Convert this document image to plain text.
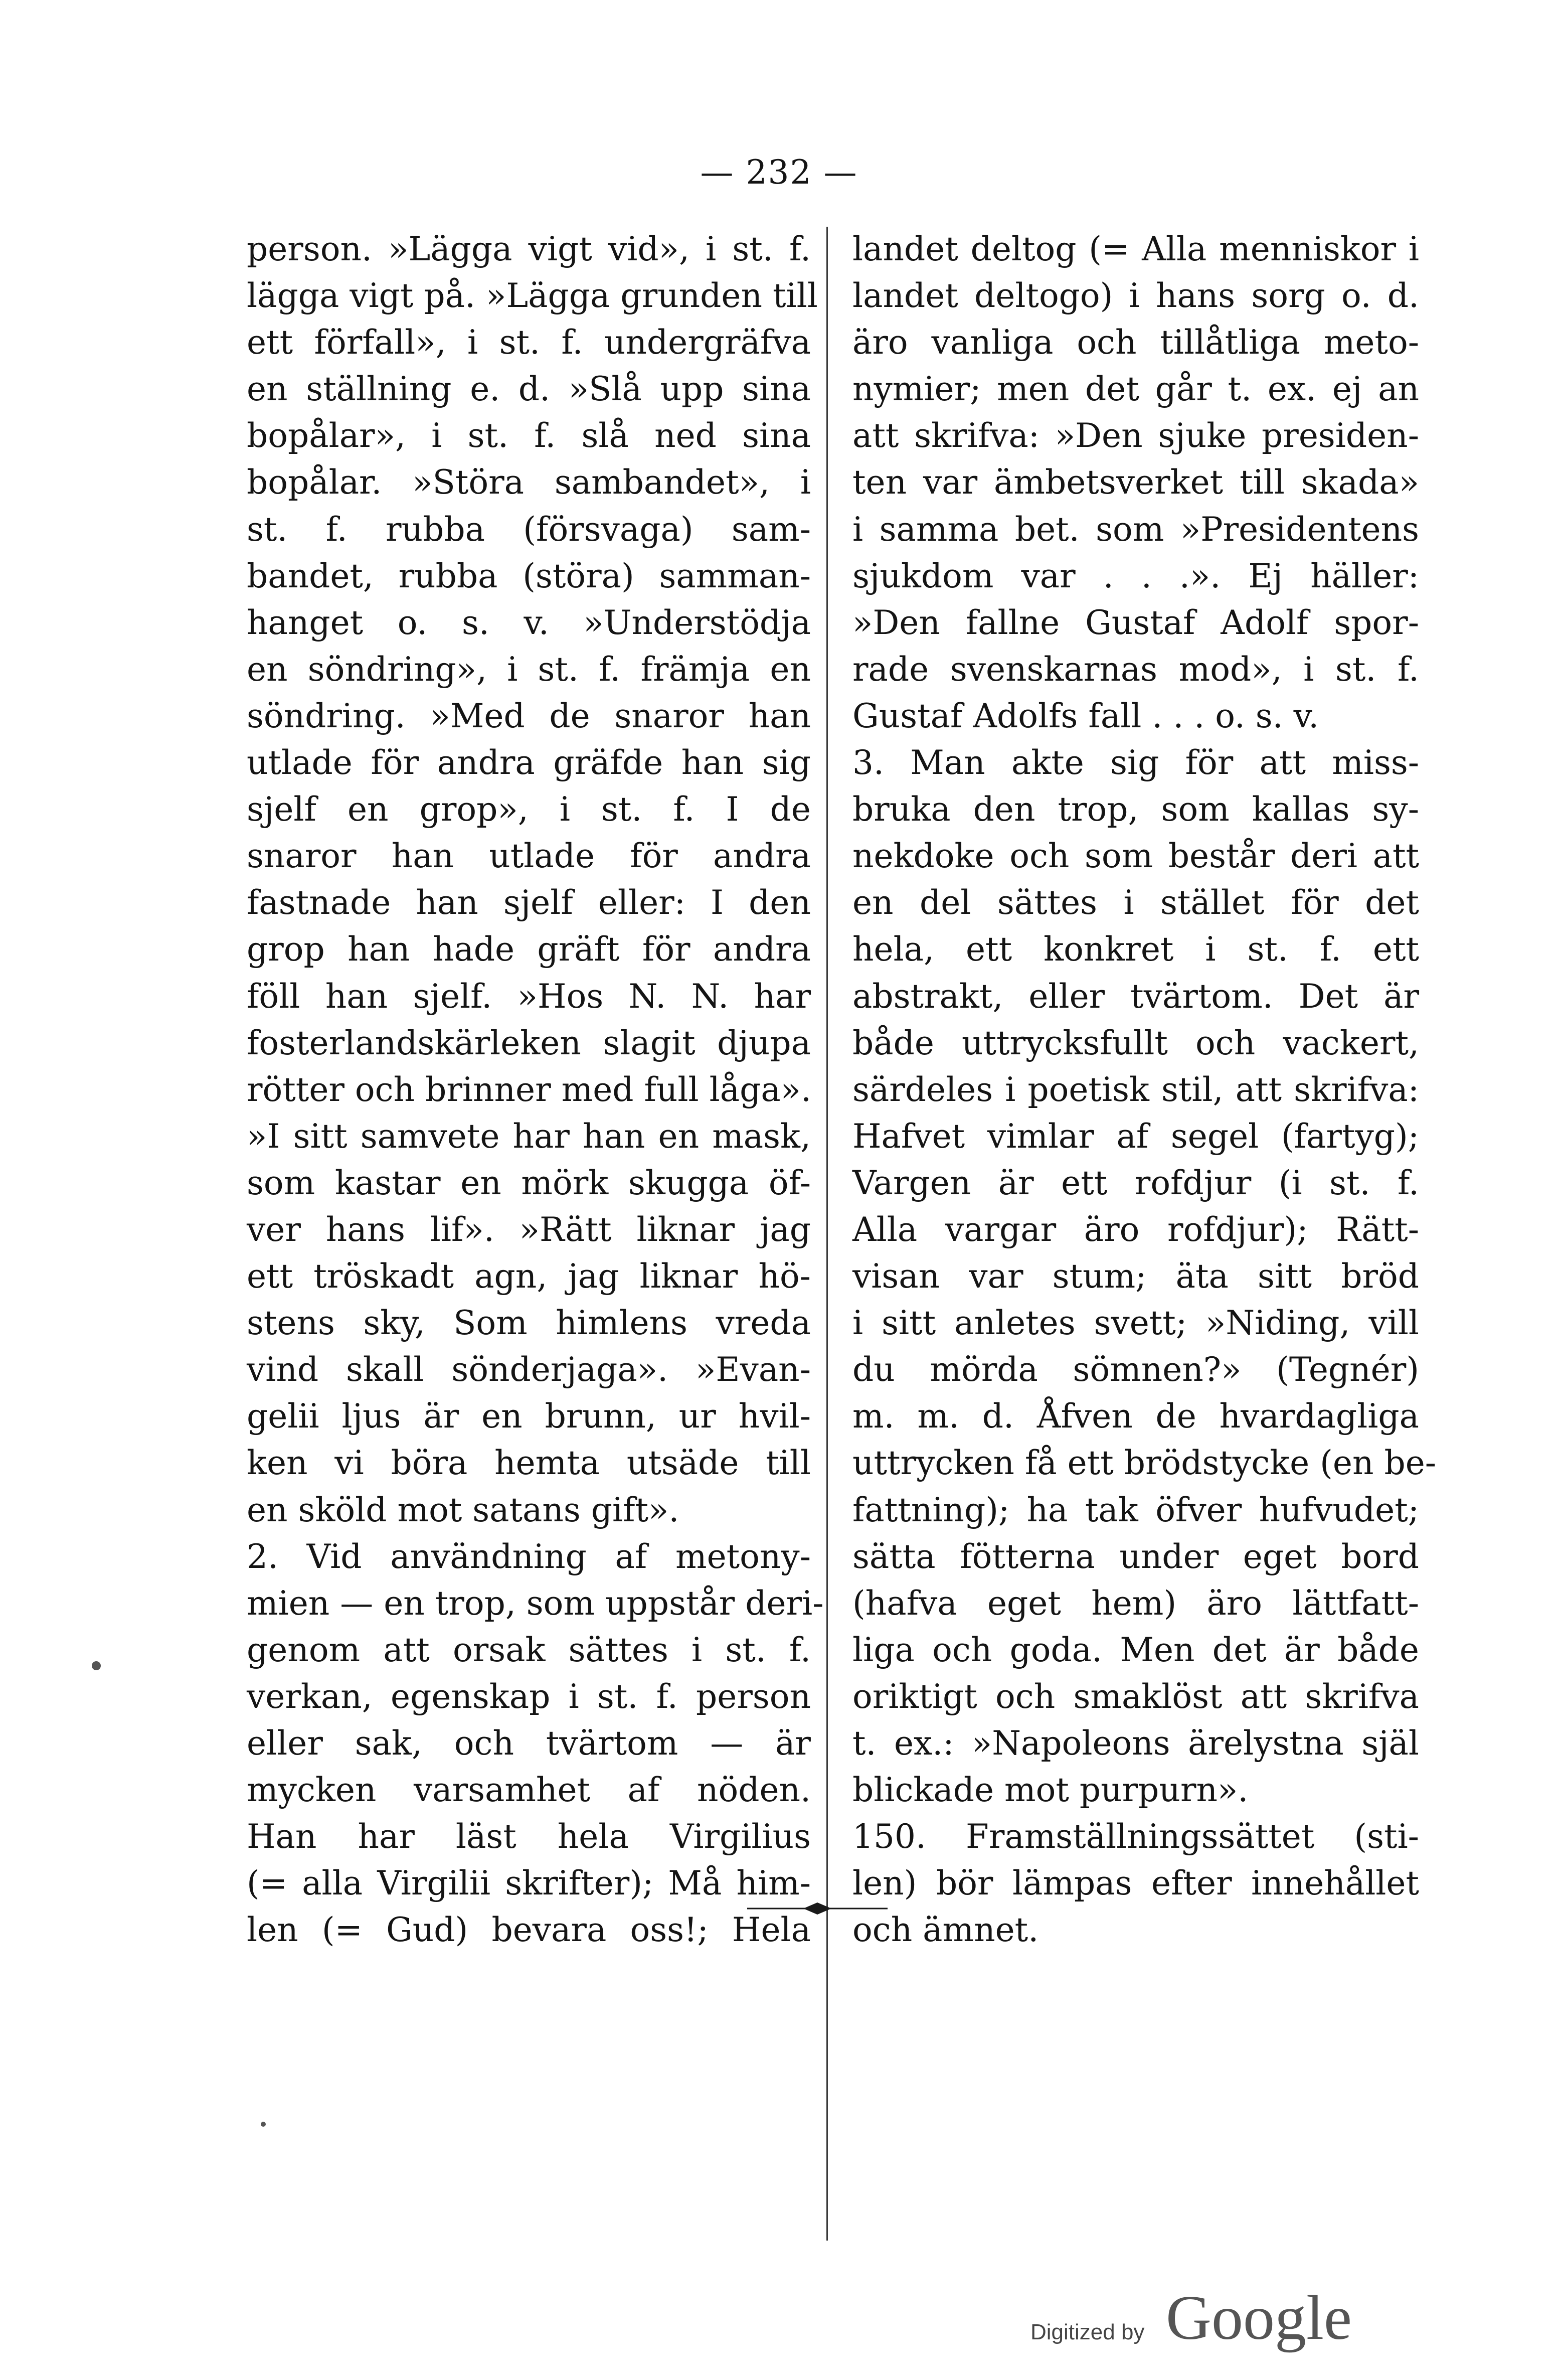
— 232 —
person. »Lägga vigt vid», i st. f.
lägga vigt på. »Lägga grunden till
ett förfall», i st. f. undergräfva
en ställning e. d. »Slå upp sina
bopålar», i st. f. slå ned sina
bopålar. »Störa sambandet», i
st. f. rubba (försvaga) sam-
bandet, rubba (störa) samman-
hanget o. s. v. »Understödja
en söndring», i st. f. främja en
söndring. »Med de snaror han
utlade för andra gräfde han sig
sjelf en grop», i st. f. I de
snaror han utlade för andra
fastnade han sjelf eller: I den
grop han hade gräft för andra
föll han sjelf. »Hos N. N. har
fosterlandskärleken slagit djupa
rötter och brinner med full låga».
»I sitt samvete har han en mask,
som kastar en mörk skugga öf-
ver hans lif». »Rätt liknar jag
ett tröskadt agn, jag liknar hö-
stens sky, Som himlens vreda
vind skall sönderjaga». »Evan-
gelii ljus är en brunn, ur hvil-
ken vi böra hemta utsäde till
en sköld mot satans gift».
2. Vid användning af metony-
mien — en trop, som uppstår deri-
genom att orsak sättes i st. f.
verkan, egenskap i st. f. person
eller sak, och tvärtom — är
mycken varsamhet af nöden.
Han har läst hela Virgilius
(= alla Virgilii skrifter); Må him-
len (= Gud) bevara oss!; Hela
landet deltog (= Alla menniskor i
landet deltogo) i hans sorg o. d.
äro vanliga och tillåtliga meto-
nymier; men det går t. ex. ej an
att skrifva: »Den sjuke presiden-
ten var ämbetsverket till skada»
i samma bet. som »Presidentens
sjukdom var . . .». Ej häller:
»Den fallne Gustaf Adolf spor-
rade svenskarnas mod», i st. f.
Gustaf Adolfs fall . . . o. s. v.
3. Man akte sig för att miss-
bruka den trop, som kallas sy-
nekdoke och som består deri att
en del sättes i stället för det
hela, ett konkret i st. f. ett
abstrakt, eller tvärtom. Det är
både uttrycksfullt och vackert,
särdeles i poetisk stil, att skrifva:
Hafvet vimlar af segel (fartyg);
Vargen är ett rofdjur (i st. f.
Alla vargar äro rofdjur); Rätt-
visan var stum; äta sitt bröd
i sitt anletes svett; »Niding, vill
du mörda sömnen?» (Tegnér)
m. m. d. Åfven de hvardagliga
uttrycken få ett brödstycke (en be-
fattning); ha tak öfver hufvudet;
sätta fötterna under eget bord
(hafva eget hem) äro lättfatt-
liga och goda. Men det är både
oriktigt och smaklöst att skrifva
t. ex.: »Napoleons ärelystna själ
blickade mot purpurn».
150. Framställningssättet (sti-
len) bör lämpas efter innehållet
och ämnet.
Digitized by Google
